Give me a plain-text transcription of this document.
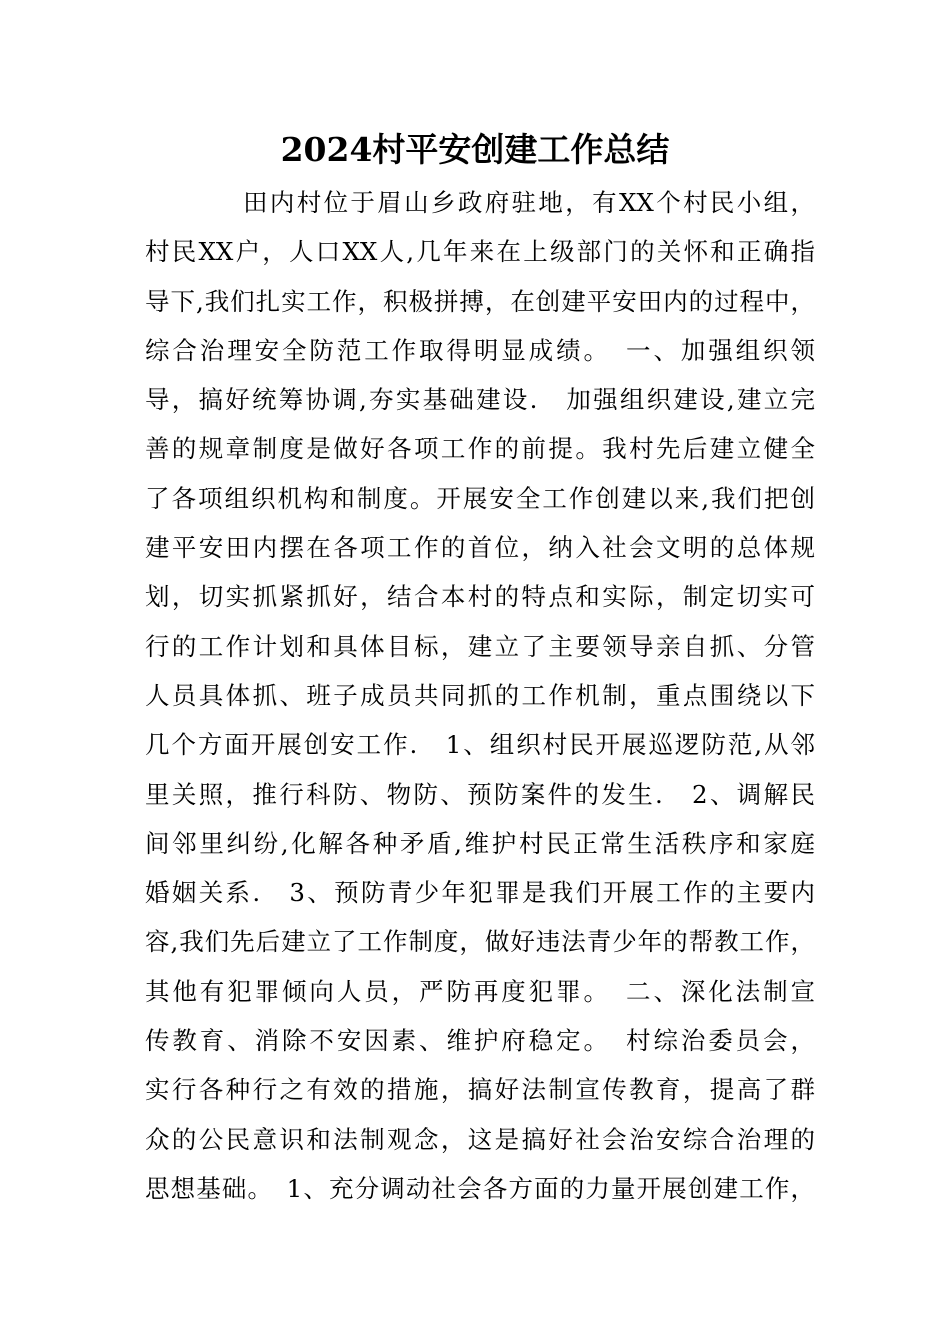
2024村平安创建工作总结
田内村位于眉山乡政府驻地，有XX个村民小组，
村民XX户，人口XX人,几年来在上级部门的关怀和正确指
导下,我们扎实工作，积极拼搏，在创建平安田内的过程中，
综合治理安全防范工作取得明显成绩。　一、加强组织领
导，搞好统筹协调,夯实基础建设.　加强组织建设,建立完
善的规章制度是做好各项工作的前提。我村先后建立健全
了各项组织机构和制度。开展安全工作创建以来,我们把创
建平安田内摆在各项工作的首位，纳入社会文明的总体规
划，切实抓紧抓好，结合本村的特点和实际，制定切实可
行的工作计划和具体目标，建立了主要领导亲自抓、分管
人员具体抓、班子成员共同抓的工作机制，重点围绕以下
几个方面开展创安工作.　1、组织村民开展巡逻防范,从邻
里关照，推行科防、物防、预防案件的发生.　2、调解民
间邻里纠纷,化解各种矛盾,维护村民正常生活秩序和家庭
婚姻关系.　3、预防青少年犯罪是我们开展工作的主要内
容,我们先后建立了工作制度，做好违法青少年的帮教工作，
其他有犯罪倾向人员，严防再度犯罪。　二、深化法制宣
传教育、消除不安因素、维护府稳定。　村综治委员会，
实行各种行之有效的措施，搞好法制宣传教育，提高了群
众的公民意识和法制观念，这是搞好社会治安综合治理的
思想基础。　1、充分调动社会各方面的力量开展创建工作，
